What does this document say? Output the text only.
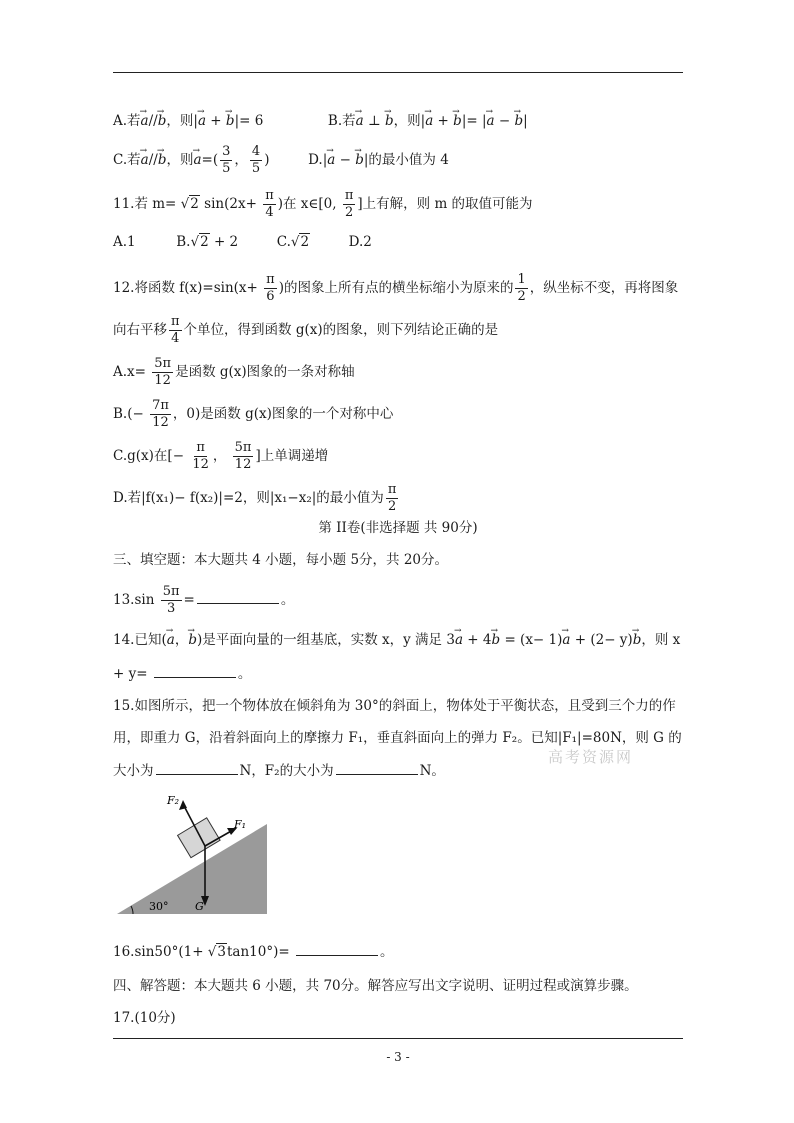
A.若→ a//→ b，则|→ a + → b|= 6	B.若→ a ⊥ → b，则|→ a + → b|= |→ a − → b|
C.若→ a//→ b，则→ $a=( \frac{3}{5}$ ， $\frac{4}{5}$ )	D.|→ a − → b|的最小值为 4
11.若 m= √2 $\sin(2x+ \frac{\pi}{4}$ )在 x∈[0, $\frac{\pi}{2}$ ]上有解，则 m 的取值可能为
A.1	B.√2 + 2	C.√2	D.2
12.将函数 $f(x)=\sin(x+ \frac{\pi}{6}$ )的图象上所有点的横坐标缩小为原来的 $\frac{1}{2}$ ，纵坐标不变，再将图象
向右平移 $\frac{\pi}{4}$ 个单位，得到函数 g(x)的图象，则下列结论正确的是
$A.x= \frac{5\pi}{12}$ 是函数 g(x)图象的一条对称轴
$B.(- \frac{7\pi}{12}$ ，0)是函数 g(x)图象的一个对称中心
C.g(x)在[− $\frac{\pi}{12}$ ， $\frac{5\pi}{12}$ ]上单调递增
D.若|f(x₁)− f(x₂)|=2，则|x₁−x₂|的最小值为 $\frac{\pi}{2}$
第 II卷(非选择题 共 90分)
三、填空题：本大题共 4 小题，每小题 5分，共 20分。
$13.\sin \frac{5\pi}{3}$ =	。
14.已知(→ a，→ b)是平面向量的一组基底，实数 x，y 满足 3→ a + 4→ b = (x− 1)→ a + (2− y)→ b，则 x
+ y=	。
15.如图所示，把一个物体放在倾斜角为 30°的斜面上，物体处于平衡状态，且受到三个力的作
用，即重力 G，沿着斜面向上的摩擦力 F₁，垂直斜面向上的弹力 F₂。已知|F₁|=80N，则 G 的
大小为	N，F₂的大小为	N。
高考资源网
F₂
F₁
G
30°
16.sin50°(1+ √3tan10°)=	。
四、解答题：本大题共 6 小题，共 70分。解答应写出文字说明、证明过程或演算步骤。
17.(10分)
- 3 -
